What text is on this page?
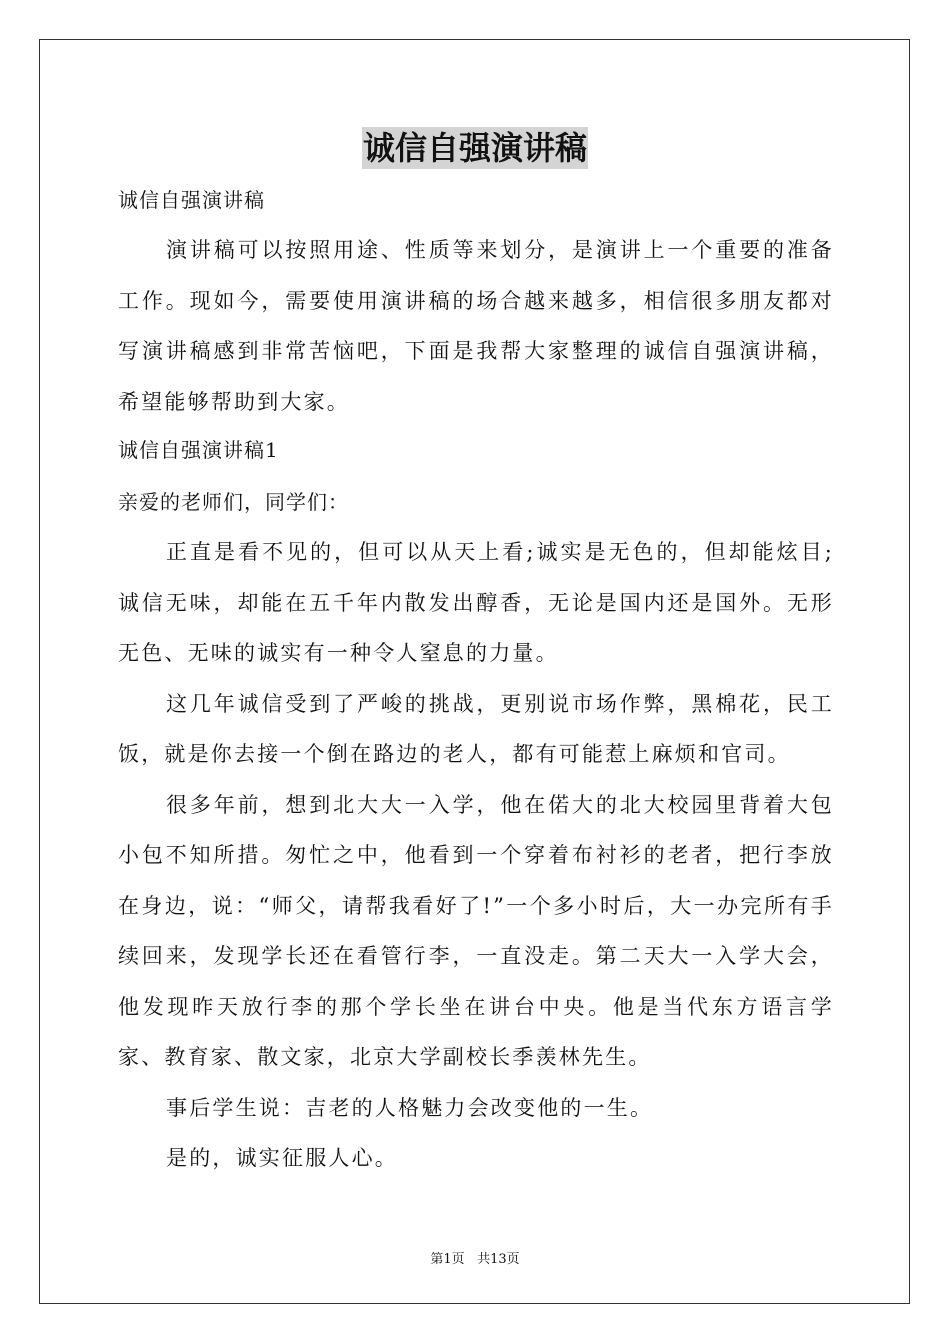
诚信自强演讲稿

诚信自强演讲稿

演讲稿可以按照用途、性质等来划分，是演讲上一个重要的准备工作。现如今，需要使用演讲稿的场合越来越多，相信很多朋友都对写演讲稿感到非常苦恼吧，下面是我帮大家整理的诚信自强演讲稿，希望能够帮助到大家。

诚信自强演讲稿1

亲爱的老师们，同学们：

正直是看不见的，但可以从天上看;诚实是无色的，但却能炫目;诚信无味，却能在五千年内散发出醇香，无论是国内还是国外。无形无色、无味的诚实有一种令人窒息的力量。

这几年诚信受到了严峻的挑战，更别说市场作弊，黑棉花，民工饭，就是你去接一个倒在路边的老人，都有可能惹上麻烦和官司。

很多年前，想到北大大一入学，他在偌大的北大校园里背着大包小包不知所措。匆忙之中，他看到一个穿着布衬衫的老者，把行李放在身边，说：“师父，请帮我看好了!”一个多小时后，大一办完所有手续回来，发现学长还在看管行李，一直没走。第二天大一入学大会，他发现昨天放行李的那个学长坐在讲台中央。他是当代东方语言学家、教育家、散文家，北京大学副校长季羡林先生。

事后学生说：吉老的人格魅力会改变他的一生。

是的，诚实征服人心。

第1页 共13页
